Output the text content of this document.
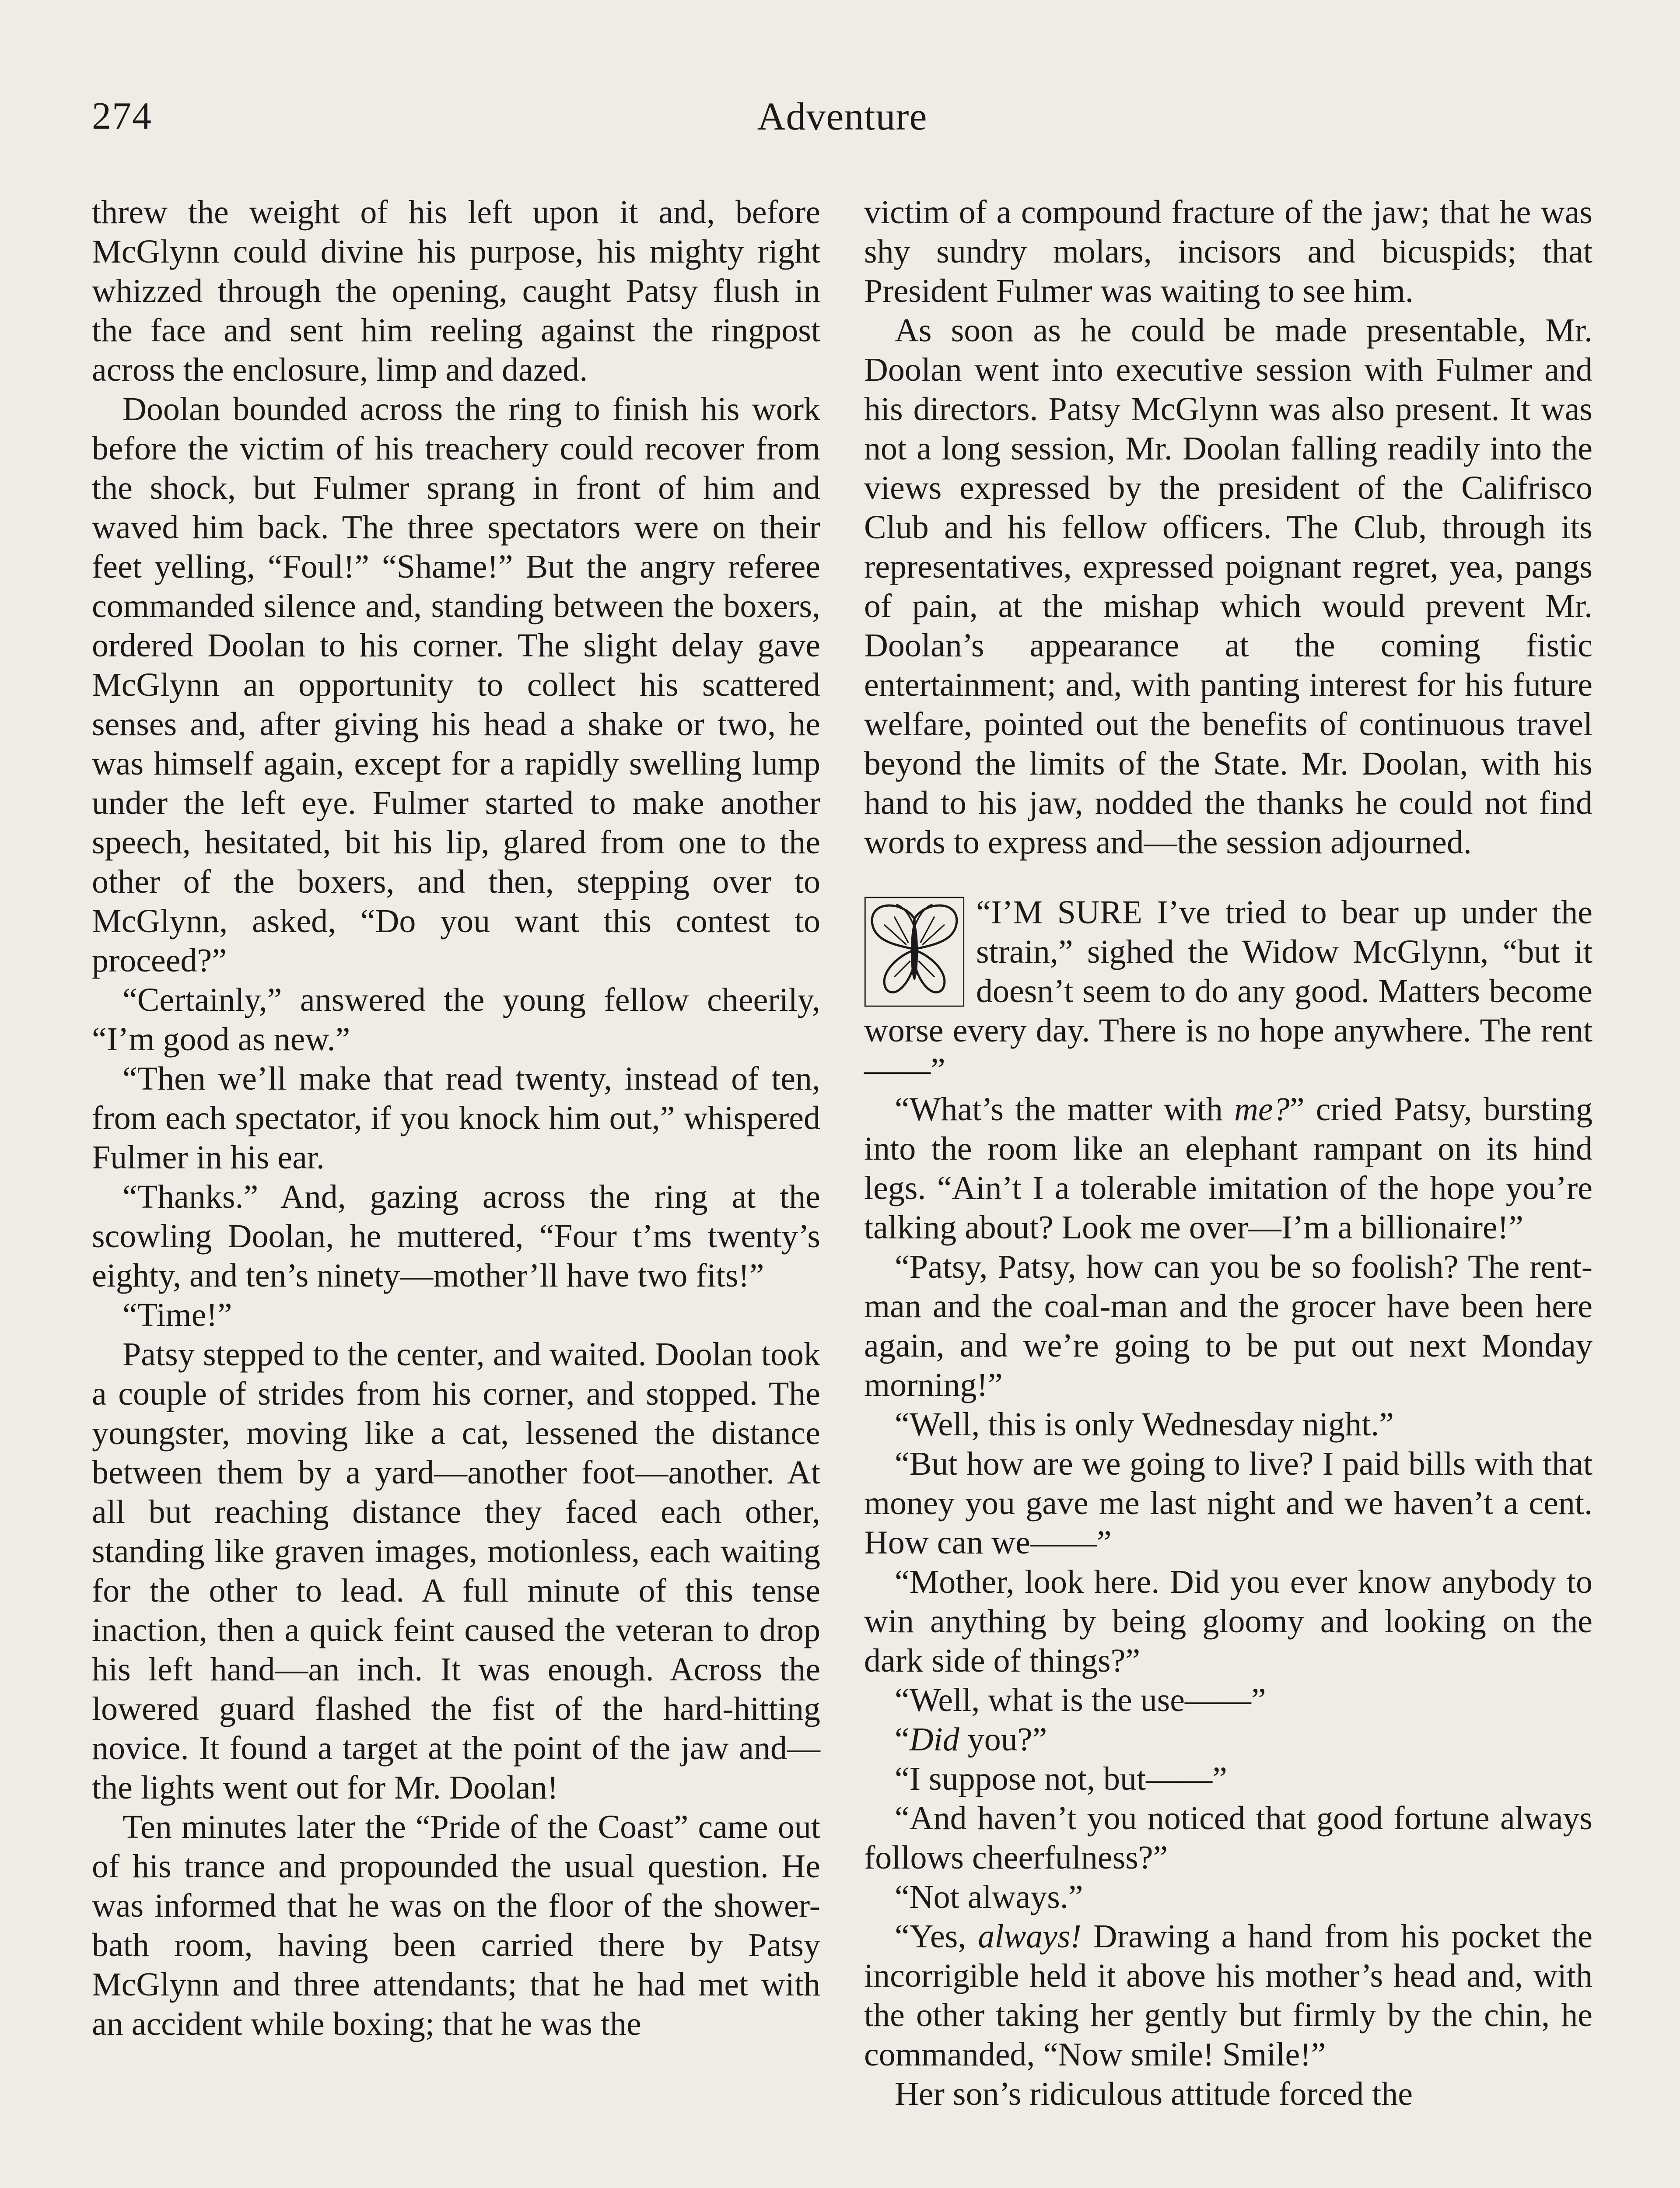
274	Adventure

threw the weight of his left upon it and, before McGlynn could divine his purpose, his mighty right whizzed through the opening, caught Patsy flush in the face and sent him reeling against the ringpost across the enclosure, limp and dazed.

Doolan bounded across the ring to finish his work before the victim of his treachery could recover from the shock, but Fulmer sprang in front of him and waved him back. The three spectators were on their feet yelling, “Foul!” “Shame!” But the angry referee commanded silence and, standing between the boxers, ordered Doolan to his corner. The slight delay gave McGlynn an opportunity to collect his scattered senses and, after giving his head a shake or two, he was himself again, except for a rapidly swelling lump under the left eye. Fulmer started to make another speech, hesitated, bit his lip, glared from one to the other of the boxers, and then, stepping over to McGlynn, asked, “Do you want this contest to proceed?”

“Certainly,” answered the young fellow cheerily, “I’m good as new.”

“Then we’ll make that read twenty, instead of ten, from each spectator, if you knock him out,” whispered Fulmer in his ear.

“Thanks.” And, gazing across the ring at the scowling Doolan, he muttered, “Four t’ms twenty’s eighty, and ten’s ninety—mother’ll have two fits!”

“Time!”

Patsy stepped to the center, and waited. Doolan took a couple of strides from his corner, and stopped. The youngster, moving like a cat, lessened the distance between them by a yard—another foot—another. At all but reaching distance they faced each other, standing like graven images, motionless, each waiting for the other to lead. A full minute of this tense inaction, then a quick feint caused the veteran to drop his left hand—an inch. It was enough. Across the lowered guard flashed the fist of the hard-hitting novice. It found a target at the point of the jaw and—the lights went out for Mr. Doolan!

Ten minutes later the “Pride of the Coast” came out of his trance and propounded the usual question. He was informed that he was on the floor of the shower-bath room, having been carried there by Patsy McGlynn and three attendants; that he had met with an accident while boxing; that he was the

victim of a compound fracture of the jaw; that he was shy sundry molars, incisors and bicuspids; that President Fulmer was waiting to see him.

As soon as he could be made presentable, Mr. Doolan went into executive session with Fulmer and his directors. Patsy McGlynn was also present. It was not a long session, Mr. Doolan falling readily into the views expressed by the president of the Califrisco Club and his fellow officers. The Club, through its representatives, expressed poignant regret, yea, pangs of pain, at the mishap which would prevent Mr. Doolan’s appearance at the coming fistic entertainment; and, with panting interest for his future welfare, pointed out the benefits of continuous travel beyond the limits of the State. Mr. Doolan, with his hand to his jaw, nodded the thanks he could not find words to express and—the session adjourned.

“I’M SURE I’ve tried to bear up under the strain,” sighed the Widow McGlynn, “but it doesn’t seem to do any good. Matters become worse every day. There is no hope anywhere. The rent——”

“What’s the matter with me?” cried Patsy, bursting into the room like an elephant rampant on its hind legs. “Ain’t I a tolerable imitation of the hope you’re talking about? Look me over—I’m a billionaire!”

“Patsy, Patsy, how can you be so foolish? The rent-man and the coal-man and the grocer have been here again, and we’re going to be put out next Monday morning!”

“Well, this is only Wednesday night.”

“But how are we going to live? I paid bills with that money you gave me last night and we haven’t a cent. How can we——”

“Mother, look here. Did you ever know anybody to win anything by being gloomy and looking on the dark side of things?”

“Well, what is the use——”

“Did you?”

“I suppose not, but——”

“And haven’t you noticed that good fortune always follows cheerfulness?”

“Not always.”

“Yes, always! Drawing a hand from his pocket the incorrigible held it above his mother’s head and, with the other taking her gently but firmly by the chin, he commanded, “Now smile! Smile!”

Her son’s ridiculous attitude forced the
